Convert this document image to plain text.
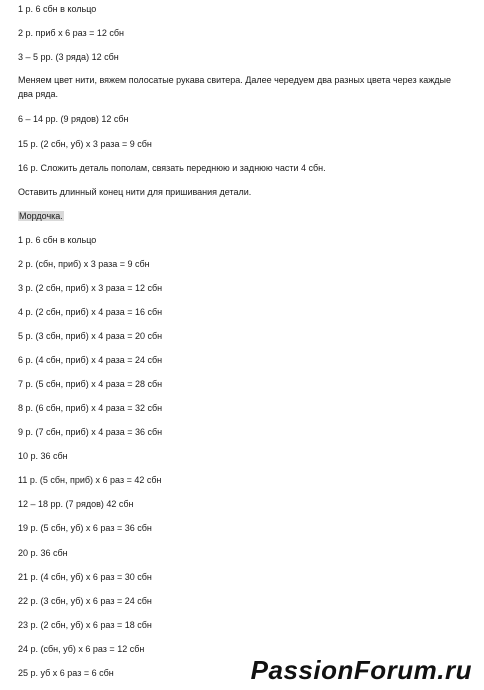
1 р. 6 сбн в кольцо
2 р. приб х 6 раз = 12 сбн
3 – 5 рр. (3 ряда) 12 сбн
Меняем цвет нити, вяжем полосатые рукава свитера. Далее чередуем два разных цвета через каждые два ряда.
6 – 14 рр. (9 рядов) 12 сбн
15 р. (2 сбн, уб) х 3 раза = 9 сбн
16 р. Сложить деталь пополам, связать переднюю и заднюю части 4 сбн.
Оставить длинный конец нити для пришивания детали.
Мордочка.
1 р. 6 сбн в кольцо
2 р. (сбн, приб) х 3 раза = 9 сбн
3 р. (2 сбн, приб) х 3 раза = 12 сбн
4 р. (2 сбн, приб) х 4 раза = 16 сбн
5 р. (3 сбн, приб) х 4 раза = 20 сбн
6 р. (4 сбн, приб) х 4 раза = 24 сбн
7 р. (5 сбн, приб) х 4 раза = 28 сбн
8 р. (6 сбн, приб) х 4 раза = 32 сбн
9 р. (7 сбн, приб) х 4 раза = 36 сбн
10 р. 36 сбн
11 р. (5 сбн, приб) х 6 раз = 42 сбн
12 – 18 рр. (7 рядов) 42 сбн
19 р. (5 сбн, уб) х 6 раз = 36 сбн
20 р. 36 сбн
21 р. (4 сбн, уб) х 6 раз = 30 сбн
22 р. (3 сбн, уб) х 6 раз = 24 сбн
23 р. (2 сбн, уб) х 6 раз = 18 сбн
24 р. (сбн, уб) х 6 раз = 12 сбн
25 р. уб х 6 раз = 6 сбн	PassionForum.ru
